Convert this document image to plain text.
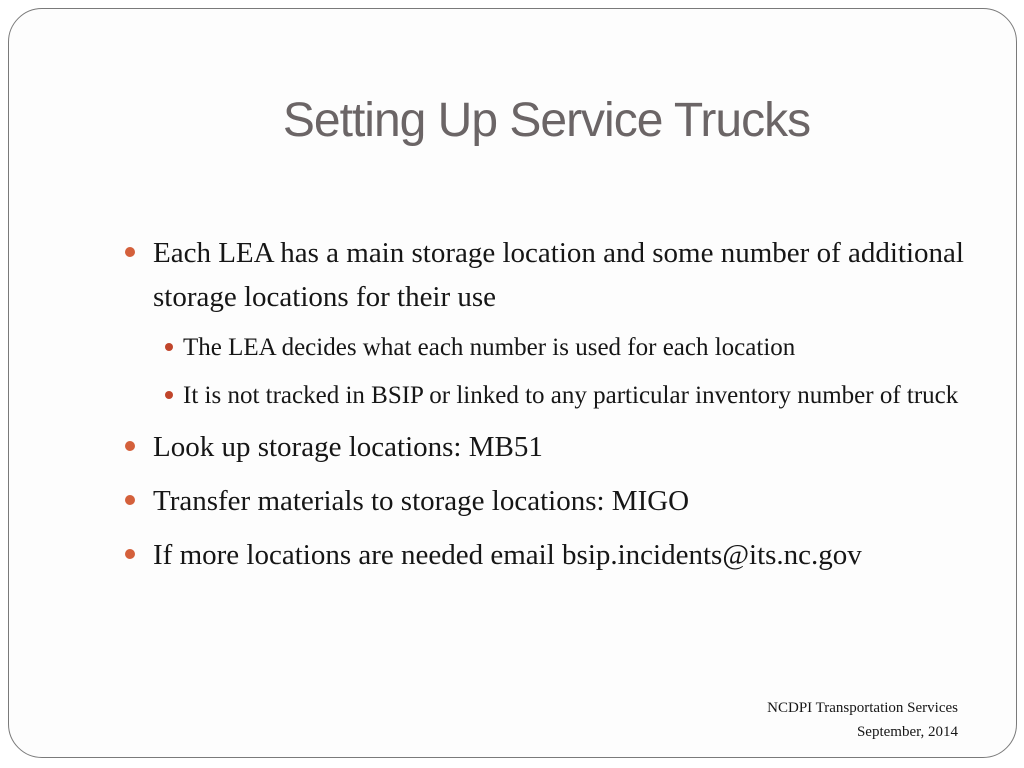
Setting Up Service Trucks
Each LEA has a main storage location and some number of additional storage locations for their use
The LEA decides what each number is used for each location
It is not tracked in BSIP or linked to any particular inventory number of truck
Look up storage locations: MB51
Transfer materials to storage locations: MIGO
If more locations are needed email bsip.incidents@its.nc.gov
NCDPI Transportation Services
September, 2014
